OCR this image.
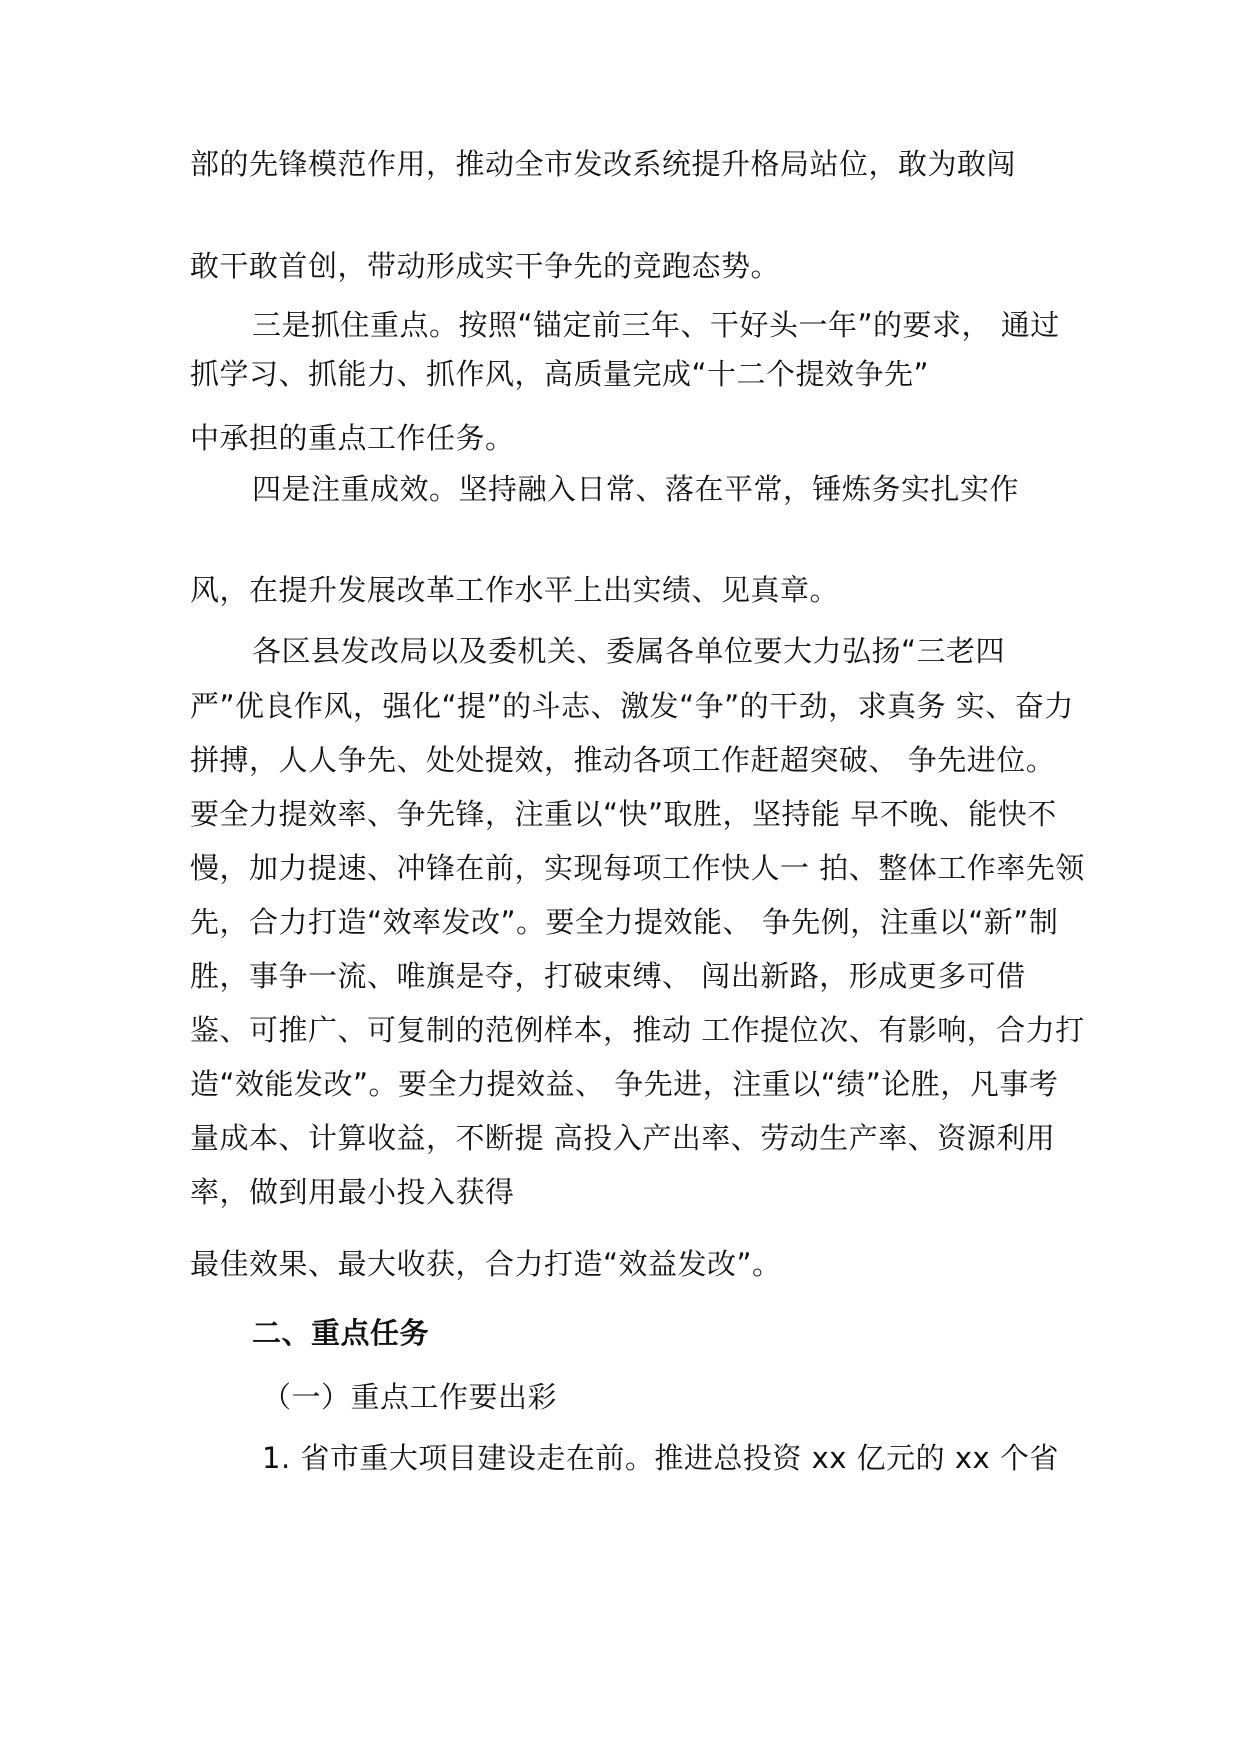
部的先锋模范作用，推动全市发改系统提升格局站位，敢为敢闯
敢干敢首创，带动形成实干争先的竞跑态势。
三是抓住重点。按照“锚定前三年、干好头一年”的要求， 通过
抓学习、抓能力、抓作风，高质量完成“十二个提效争先”
中承担的重点工作任务。
四是注重成效。坚持融入日常、落在平常，锤炼务实扎实作
风，在提升发展改革工作水平上出实绩、见真章。
各区县发改局以及委机关、委属各单位要大力弘扬“三老四
严”优良作风，强化“提”的斗志、激发“争”的干劲，求真务 实、奋力
拼搏，人人争先、处处提效，推动各项工作赶超突破、 争先进位。
要全力提效率、争先锋，注重以“快”取胜，坚持能 早不晚、能快不
慢，加力提速、冲锋在前，实现每项工作快人一 拍、整体工作率先领
先，合力打造“效率发改”。要全力提效能、 争先例，注重以“新”制
胜，事争一流、唯旗是夺，打破束缚、 闯出新路，形成更多可借
鉴、可推广、可复制的范例样本，推动 工作提位次、有影响，合力打
造“效能发改”。要全力提效益、 争先进，注重以“绩”论胜，凡事考
量成本、计算收益，不断提 高投入产出率、劳动生产率、资源利用
率，做到用最小投入获得
最佳效果、最大收获，合力打造“效益发改”。
二、重点任务
（一）重点工作要出彩
1. 省市重大项目建设走在前。推进总投资 xx 亿元的 xx 个省
